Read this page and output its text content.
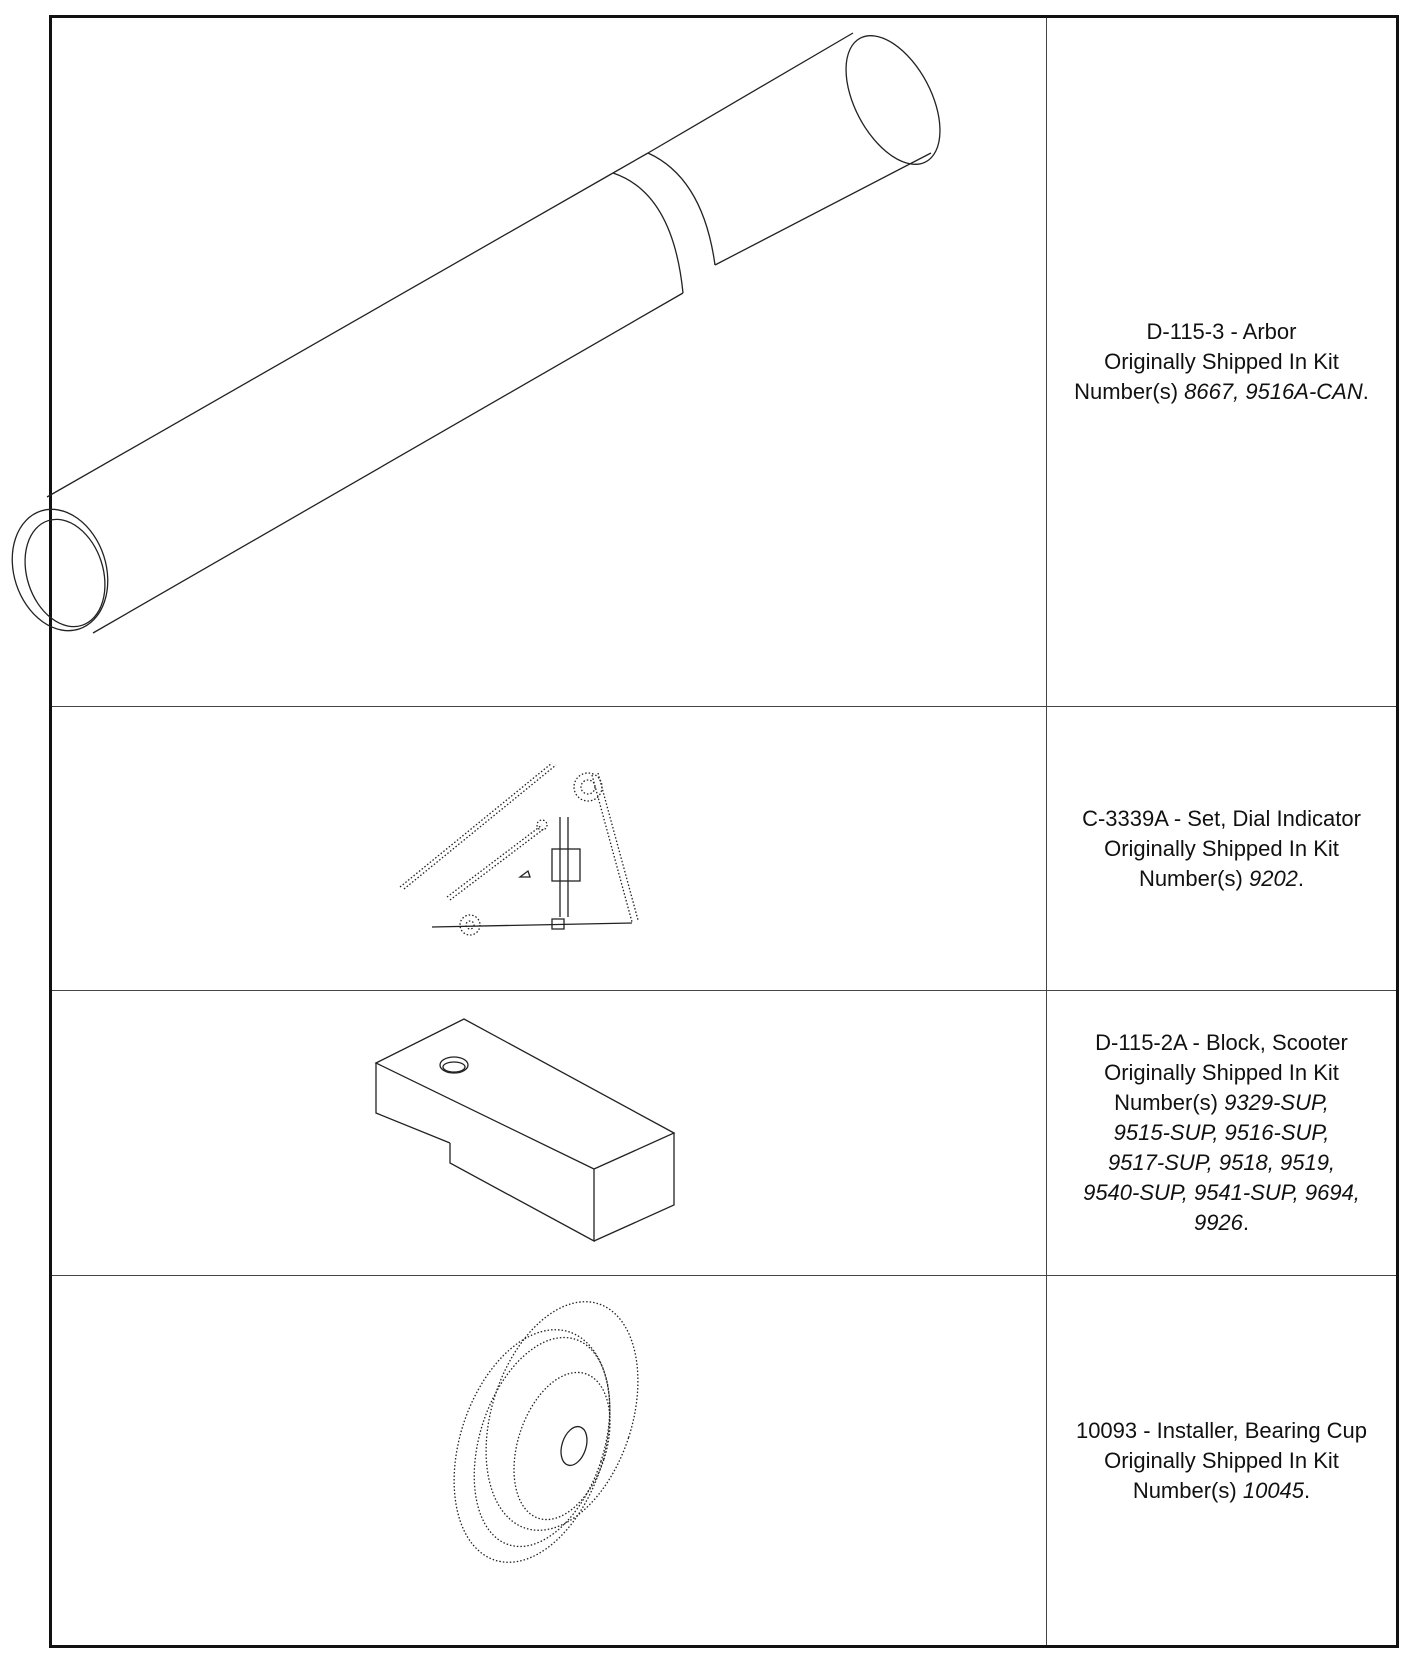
D-115-3 - Arbor
Originally Shipped In Kit
Number(s) 8667, 9516A-CAN.
C-3339A - Set, Dial Indicator
Originally Shipped In Kit
Number(s) 9202.
D-115-2A - Block, Scooter
Originally Shipped In Kit
Number(s) 9329-SUP,
9515-SUP, 9516-SUP,
9517-SUP, 9518, 9519,
9540-SUP, 9541-SUP, 9694,
9926.
10093 - Installer, Bearing Cup
Originally Shipped In Kit
Number(s) 10045.
